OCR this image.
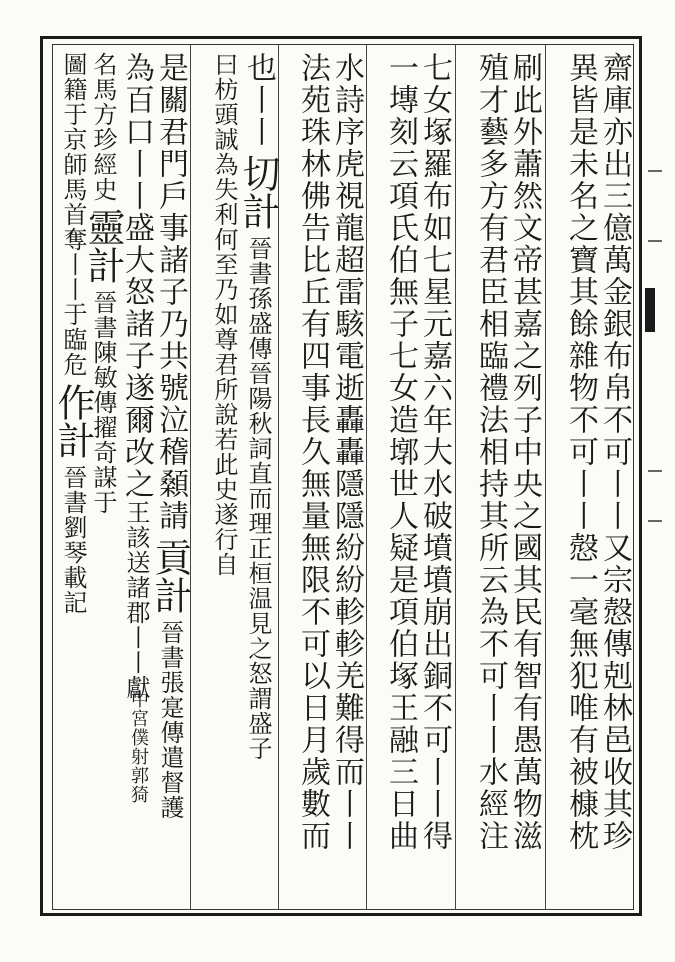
齋庫亦出三億萬金銀布帛不可丨丨又宗慤傳剋林邑收其珍
異皆是未名之寶其餘雜物不可丨丨慤一毫無犯唯有被槺枕
刷此外蕭然文帝甚嘉之列子中央之國其民有智有愚萬物滋
殖才藝多方有君臣相臨禮法相持其所云為不可丨丨水經注
七女塚羅布如七星元嘉六年大水破墳墳崩出銅不可丨丨得
一塼刻云項氏伯無子七女造墎世人疑是項伯塚王融三日曲
水詩序虎視龍超雷駭電逝轟轟隱隱紛紛軫軫羌難得而丨丨
法苑珠林佛告比丘有四事長久無量無限不可以日月歲數而
也丨丨
切計
晉書孫盛傳晉陽秋詞直而理正桓温見之怒謂盛子
曰枋頭誠為失利何至乃如尊君所說若此史遂行自
是關君門戶事諸子乃共號泣稽顙請
貢計
晉書張寔傳遣督護
為百口丨丨盛大怒諸子遂爾改之
王該送諸郡丨丨獻
名馬方珍經史
靈計
晉書陳敏傳擢奇謀于
圖籍于京師
馬首奪丨丨于臨危
作計
晉書劉琴載記
中宮僕射郭猗
